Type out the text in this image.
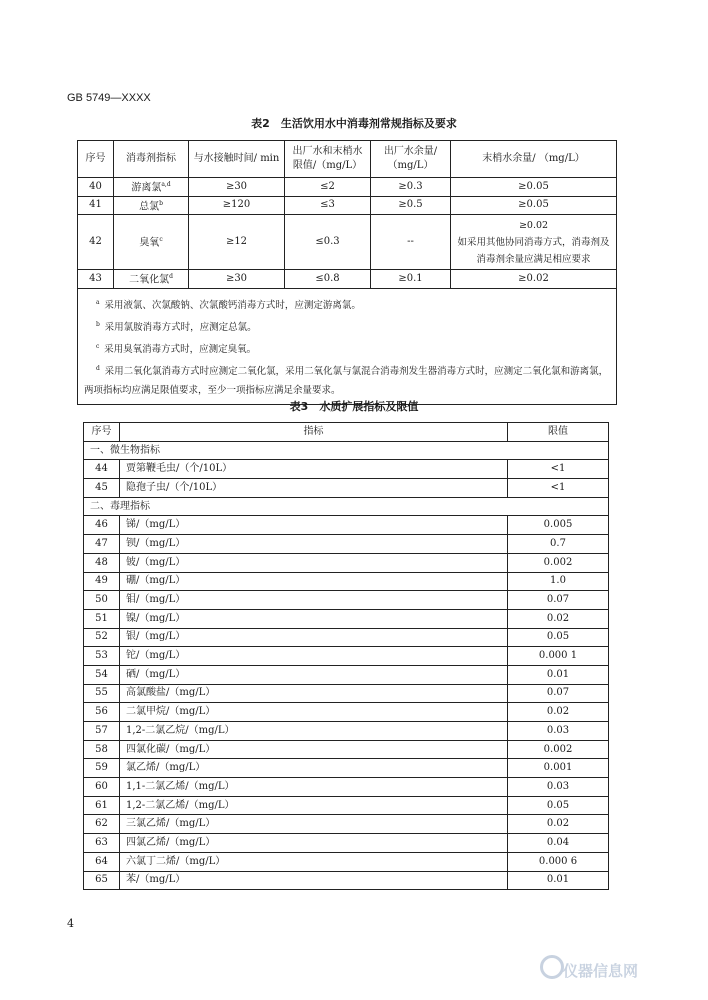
GB 5749—XXXX
表2　生活饮用水中消毒剂常规指标及要求
序号	消毒剂指标	与水接触时间/ min	出厂水和末梢水 限值/（mg/L）	出厂水余量/ （mg/L）	末梢水余量/ （mg/L）
40	游离氯$^{a,d}$	≥30	≤2	≥0.3	≥0.05
41	总氯$^b$	≥120	≤3	≥0.5	≥0.05
42	臭氧$^c$	≥12	≤0.3	--	≥0.02
如采用其他协同消毒方式，消毒剂及消毒剂余量应满足相应要求

43	二氧化氯$^d$	≥30	≤0.8	≥0.1	≥0.02

$^a$  采用液氯、次氯酸钠、次氯酸钙消毒方式时，应测定游离氯。
$^b$  采用氯胺消毒方式时，应测定总氯。
$^c$  采用臭氧消毒方式时，应测定臭氧。
$^d$  采用二氧化氯消毒方式时应测定二氧化氯，采用二氧化氯与氯混合消毒剂发生器消毒方式时，应测定二氧化氯和游离氯，两项指标均应满足限值要求，至少一项指标应满足余量要求。					
表3　水质扩展指标及限值
序号	指标	限值
一、微生物指标		
44	贾第鞭毛虫/（个/10L）	<1
45	隐孢子虫/（个/10L）	<1
二、毒理指标		
46	锑/（mg/L）	0.005
47	钡/（mg/L）	0.7
48	铍/（mg/L）	0.002
49	硼/（mg/L）	1.0
50	钼/（mg/L）	0.07
51	镍/（mg/L）	0.02
52	银/（mg/L）	0.05
53	铊/（mg/L）	0.000 1
54	硒/（mg/L）	0.01
55	高氯酸盐/（mg/L）	0.07
56	二氯甲烷/（mg/L）	0.02
57	1,2-二氯乙烷/（mg/L）	0.03
58	四氯化碳/（mg/L）	0.002
59	氯乙烯/（mg/L）	0.001
60	1,1-二氯乙烯/（mg/L）	0.03
61	1,2-二氯乙烯/（mg/L）	0.05
62	三氯乙烯/（mg/L）	0.02
63	四氯乙烯/（mg/L）	0.04
64	六氯丁二烯/（mg/L）	0.000 6
65	苯/（mg/L）	0.01
4
仪器信息网
